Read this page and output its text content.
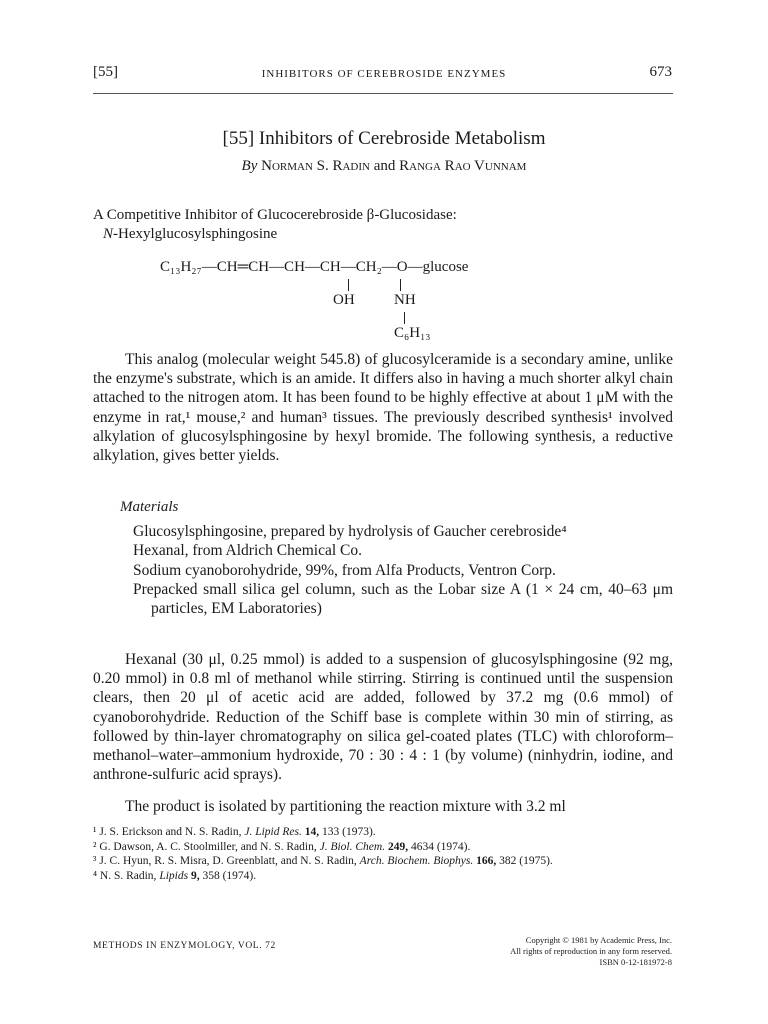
[55]	INHIBITORS OF CEREBROSIDE ENZYMES	673
[55] Inhibitors of Cerebroside Metabolism
By Norman S. Radin and Ranga Rao Vunnam
A Competitive Inhibitor of Glucocerebroside β-Glucosidase:
N-Hexylglucosylsphingosine
C₁₃H₂₇—CH═CH—CH—CH—CH₂—O—glucose
OH	NH
C₆H₁₃
This analog (molecular weight 545.8) of glucosylceramide is a secondary amine, unlike the enzyme's substrate, which is an amide. It differs also in having a much shorter alkyl chain attached to the nitrogen atom. It has been found to be highly effective at about 1 μM with the enzyme in rat,¹ mouse,² and human³ tissues. The previously described synthesis¹ involved alkylation of glucosylsphingosine by hexyl bromide. The following synthesis, a reductive alkylation, gives better yields.
Materials
Glucosylsphingosine, prepared by hydrolysis of Gaucher cerebroside⁴
Hexanal, from Aldrich Chemical Co.
Sodium cyanoborohydride, 99%, from Alfa Products, Ventron Corp.
Prepacked small silica gel column, such as the Lobar size A (1 × 24 cm, 40–63 μm particles, EM Laboratories)
Hexanal (30 μl, 0.25 mmol) is added to a suspension of glucosylsphingosine (92 mg, 0.20 mmol) in 0.8 ml of methanol while stirring. Stirring is continued until the suspension clears, then 20 μl of acetic acid are added, followed by 37.2 mg (0.6 mmol) of cyanoborohydride. Reduction of the Schiff base is complete within 30 min of stirring, as followed by thin-layer chromatography on silica gel-coated plates (TLC) with chloroform–methanol–water–ammonium hydroxide, 70 : 30 : 4 : 1 (by volume) (ninhydrin, iodine, and anthrone-sulfuric acid sprays).
The product is isolated by partitioning the reaction mixture with 3.2 ml
¹ J. S. Erickson and N. S. Radin, J. Lipid Res. 14, 133 (1973).
² G. Dawson, A. C. Stoolmiller, and N. S. Radin, J. Biol. Chem. 249, 4634 (1974).
³ J. C. Hyun, R. S. Misra, D. Greenblatt, and N. S. Radin, Arch. Biochem. Biophys. 166, 382 (1975).
⁴ N. S. Radin, Lipids 9, 358 (1974).
METHODS IN ENZYMOLOGY, VOL. 72
Copyright © 1981 by Academic Press, Inc.
All rights of reproduction in any form reserved.
ISBN 0-12-181972-8
